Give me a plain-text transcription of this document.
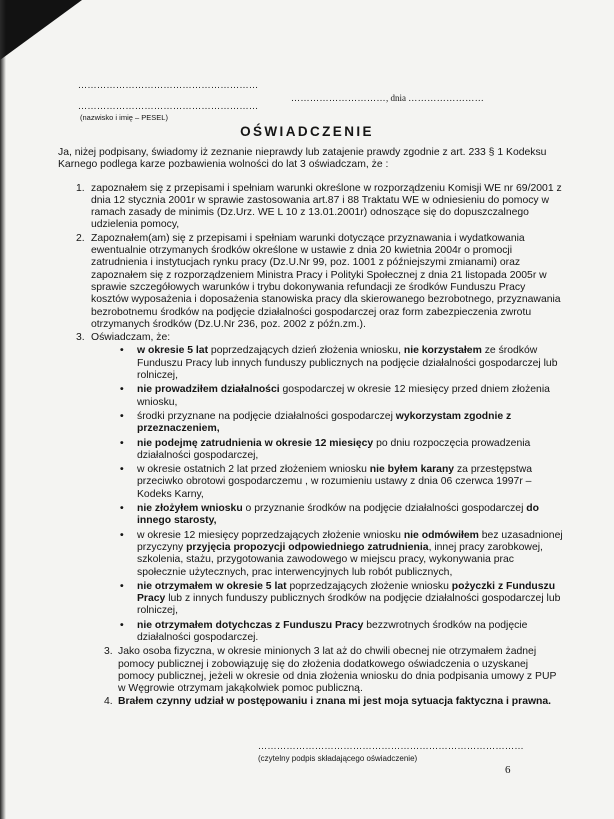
…………………………………………………
…………………………………………………
(nazwisko i imię – PESEL)
…………………………, dnia ……………………
OŚWIADCZENIE

Ja, niżej podpisany, świadomy iż zeznanie nieprawdy lub zatajenie prawdy zgodnie z art. 233 § 1 Kodeksu Karnego podlega karze pozbawienia wolności do lat 3 oświadczam, że :

1. zapoznałem się z przepisami i spełniam warunki określone w rozporządzeniu Komisji WE nr 69/2001 z dnia 12 stycznia 2001r w sprawie zastosowania art.87 i 88 Traktatu WE w odniesieniu do pomocy w ramach zasady de minimis (Dz.Urz. WE L 10 z 13.01.2001r) odnoszące się do dopuszczalnego udzielenia pomocy,
2. Zapoznałem(am) się z przepisami i spełniam warunki dotyczące przyznawania i wydatkowania ewentualnie otrzymanych środków określone w ustawie z dnia 20 kwietnia 2004r o promocji zatrudnienia i instytucjach rynku pracy (Dz.U.Nr 99, poz. 1001 z późniejszymi zmianami) oraz zapoznałem się z rozporządzeniem Ministra Pracy i Polityki Społecznej z dnia 21 listopada 2005r w sprawie szczegółowych warunków i trybu dokonywania refundacji ze środków Funduszu Pracy kosztów wyposażenia i doposażenia stanowiska pracy dla skierowanego bezrobotnego, przyznawania bezrobotnemu środków na podjęcie działalności gospodarczej oraz form zabezpieczenia zwrotu otrzymanych środków (Dz.U.Nr 236, poz. 2002 z późn.zm.).
3. Oświadczam, że:
• w okresie 5 lat poprzedzających dzień złożenia wniosku, nie korzystałem ze środków Funduszu Pracy lub innych funduszy publicznych na podjęcie działalności gospodarczej lub rolniczej,
• nie prowadziłem działalności gospodarczej w okresie 12 miesięcy przed dniem złożenia wniosku,
• środki przyznane na podjęcie działalności gospodarczej wykorzystam zgodnie z przeznaczeniem,
• nie podejmę zatrudnienia w okresie 12 miesięcy po dniu rozpoczęcia prowadzenia działalności gospodarczej,
• w okresie ostatnich 2 lat przed złożeniem wniosku nie byłem karany za przestępstwa przeciwko obrotowi gospodarczemu , w rozumieniu ustawy z dnia 06 czerwca 1997r – Kodeks Karny,
• nie złożyłem wniosku o przyznanie środków na podjęcie działalności gospodarczej do innego starosty,
• w okresie 12 miesięcy poprzedzających złożenie wniosku nie odmówiłem bez uzasadnionej przyczyny przyjęcia propozycji odpowiedniego zatrudnienia, innej pracy zarobkowej, szkolenia, stażu, przygotowania zawodowego w miejscu pracy, wykonywania prac społecznie użytecznych, prac interwencyjnych lub robót publicznych,
• nie otrzymałem w okresie 5 lat poprzedzających złożenie wniosku pożyczki z Funduszu Pracy lub z innych funduszy publicznych środków na podjęcie działalności gospodarczej lub rolniczej,
• nie otrzymałem dotychczas z Funduszu Pracy bezzwrotnych środków na podjęcie działalności gospodarczej.
3. Jako osoba fizyczna, w okresie minionych 3 lat aż do chwili obecnej nie otrzymałem żadnej pomocy publicznej i zobowiązuję się do złożenia dodatkowego oświadczenia o uzyskanej pomocy publicznej, jeżeli w okresie od dnia złożenia wniosku do dnia podpisania umowy z PUP w Węgrowie otrzymam jakąkolwiek pomoc publiczną.
4. Brałem czynny udział w postępowaniu i znana mi jest moja sytuacja faktyczna i prawna.
…………………………………………………………………………
(czytelny podpis składającego oświadczenie)
6
